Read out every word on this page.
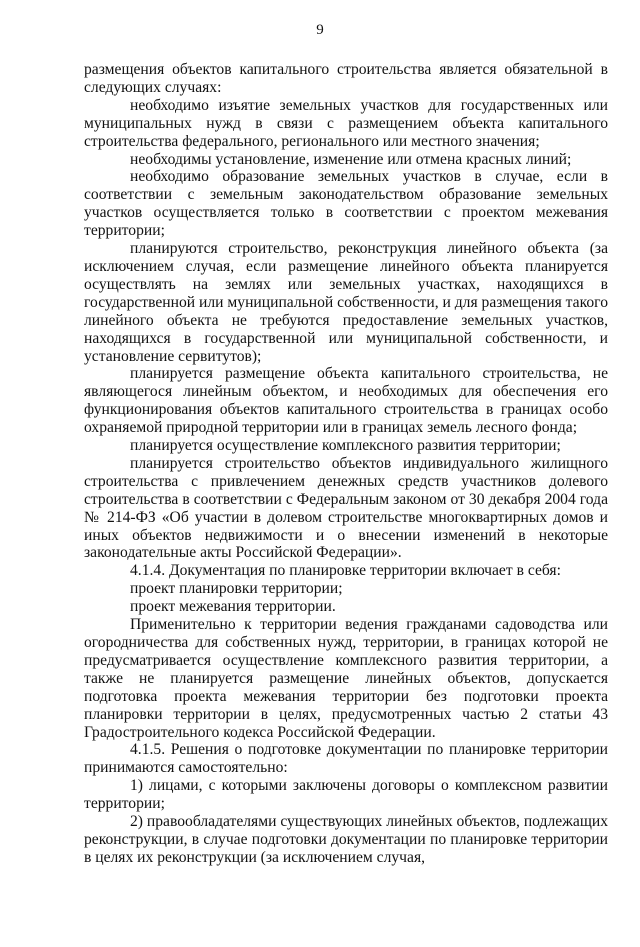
9

размещения объектов капитального строительства является обязательной в следующих случаях:

необходимо изъятие земельных участков для государственных или муниципальных нужд в связи с размещением объекта капитального строительства федерального, регионального или местного значения;

необходимы установление, изменение или отмена красных линий;

необходимо образование земельных участков в случае, если в соответствии с земельным законодательством образование земельных участков осуществляется только в соответствии с проектом межевания территории;

планируются строительство, реконструкция линейного объекта (за исключением случая, если размещение линейного объекта планируется осуществлять на землях или земельных участках, находящихся в государственной или муниципальной собственности, и для размещения такого линейного объекта не требуются предоставление земельных участков, находящихся в государственной или муниципальной собственности, и установление сервитутов);

планируется размещение объекта капитального строительства, не являющегося линейным объектом, и необходимых для обеспечения его функционирования объектов капитального строительства в границах особо охраняемой природной территории или в границах земель лесного фонда;

планируется осуществление комплексного развития территории;

планируется строительство объектов индивидуального жилищного строительства с привлечением денежных средств участников долевого строительства в соответствии с Федеральным законом от 30 декабря 2004 года № 214-ФЗ «Об участии в долевом строительстве многоквартирных домов и иных объектов недвижимости и о внесении изменений в некоторые законодательные акты Российской Федерации».

4.1.4. Документация по планировке территории включает в себя:

проект планировки территории;

проект межевания территории.

Применительно к территории ведения гражданами садоводства или огородничества для собственных нужд, территории, в границах которой не предусматривается осуществление комплексного развития территории, а также не планируется размещение линейных объектов, допускается подготовка проекта межевания территории без подготовки проекта планировки территории в целях, предусмотренных частью 2 статьи 43 Градостроительного кодекса Российской Федерации.

4.1.5. Решения о подготовке документации по планировке территории принимаются самостоятельно:

1) лицами, с которыми заключены договоры о комплексном развитии территории;

2) правообладателями существующих линейных объектов, подлежащих реконструкции, в случае подготовки документации по планировке территории в целях их реконструкции (за исключением случая,
